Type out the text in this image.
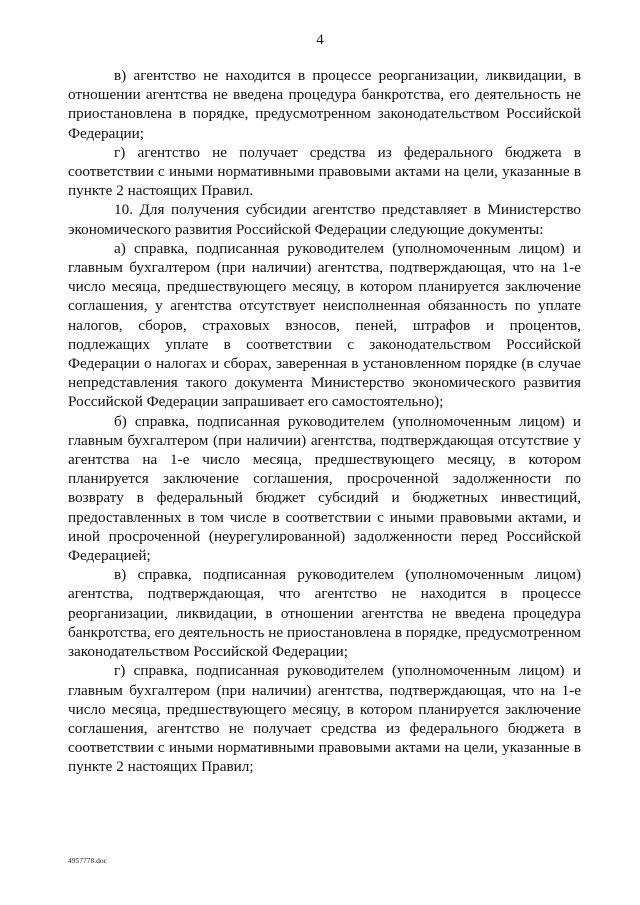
4

в) агентство не находится в процессе реорганизации, ликвидации, в отношении агентства не введена процедура банкротства, его деятельность не приостановлена в порядке, предусмотренном законодательством Российской Федерации;

г) агентство не получает средства из федерального бюджета в соответствии с иными нормативными правовыми актами на цели, указанные в пункте 2 настоящих Правил.

10. Для получения субсидии агентство представляет в Министерство экономического развития Российской Федерации следующие документы:

а) справка, подписанная руководителем (уполномоченным лицом) и главным бухгалтером (при наличии) агентства, подтверждающая, что на 1-е число месяца, предшествующего месяцу, в котором планируется заключение соглашения, у агентства отсутствует неисполненная обязанность по уплате налогов, сборов, страховых взносов, пеней, штрафов и процентов, подлежащих уплате в соответствии с законодательством Российской Федерации о налогах и сборах, заверенная в установленном порядке (в случае непредставления такого документа Министерство экономического развития Российской Федерации запрашивает его самостоятельно);

б) справка, подписанная руководителем (уполномоченным лицом) и главным бухгалтером (при наличии) агентства, подтверждающая отсутствие у агентства на 1-е число месяца, предшествующего месяцу, в котором планируется заключение соглашения, просроченной задолженности по возврату в федеральный бюджет субсидий и бюджетных инвестиций, предоставленных в том числе в соответствии с иными правовыми актами, и иной просроченной (неурегулированной) задолженности перед Российской Федерацией;

в) справка, подписанная руководителем (уполномоченным лицом) агентства, подтверждающая, что агентство не находится в процессе реорганизации, ликвидации, в отношении агентства не введена процедура банкротства, его деятельность не приостановлена в порядке, предусмотренном законодательством Российской Федерации;

г) справка, подписанная руководителем (уполномоченным лицом) и главным бухгалтером (при наличии) агентства, подтверждающая, что на 1-е число месяца, предшествующего месяцу, в котором планируется заключение соглашения, агентство не получает средства из федерального бюджета в соответствии с иными нормативными правовыми актами на цели, указанные в пункте 2 настоящих Правил;

4957778.doc
